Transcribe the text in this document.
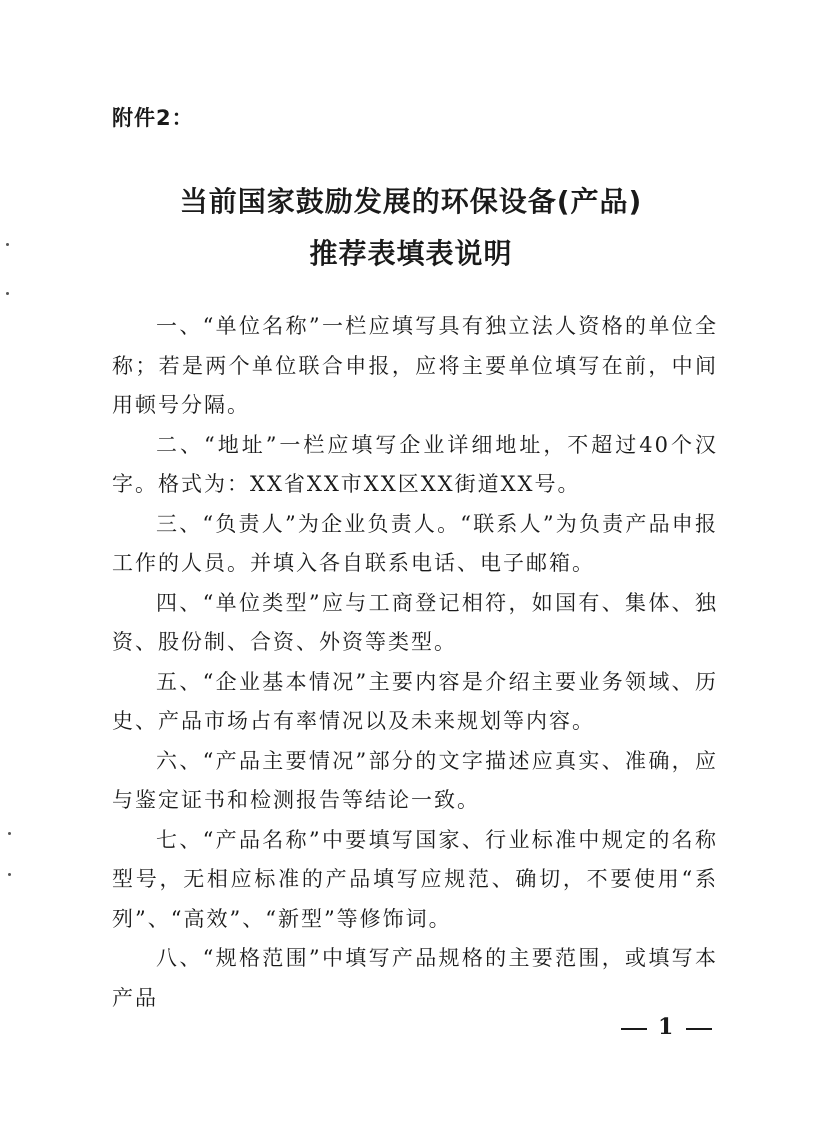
附件2：
当前国家鼓励发展的环保设备(产品)
推荐表填表说明

一、“单位名称”一栏应填写具有独立法人资格的单位全称；若是两个单位联合申报，应将主要单位填写在前，中间用顿号分隔。

二、“地址”一栏应填写企业详细地址，不超过40个汉字。格式为：XX省XX市XX区XX街道XX号。

三、“负责人”为企业负责人。“联系人”为负责产品申报工作的人员。并填入各自联系电话、电子邮箱。

四、“单位类型”应与工商登记相符，如国有、集体、独资、股份制、合资、外资等类型。

五、“企业基本情况”主要内容是介绍主要业务领域、历史、产品市场占有率情况以及未来规划等内容。

六、“产品主要情况”部分的文字描述应真实、准确，应与鉴定证书和检测报告等结论一致。

七、“产品名称”中要填写国家、行业标准中规定的名称型号，无相应标准的产品填写应规范、确切，不要使用“系列”、“高效”、“新型”等修饰词。

八、“规格范围”中填写产品规格的主要范围，或填写本产品

1
